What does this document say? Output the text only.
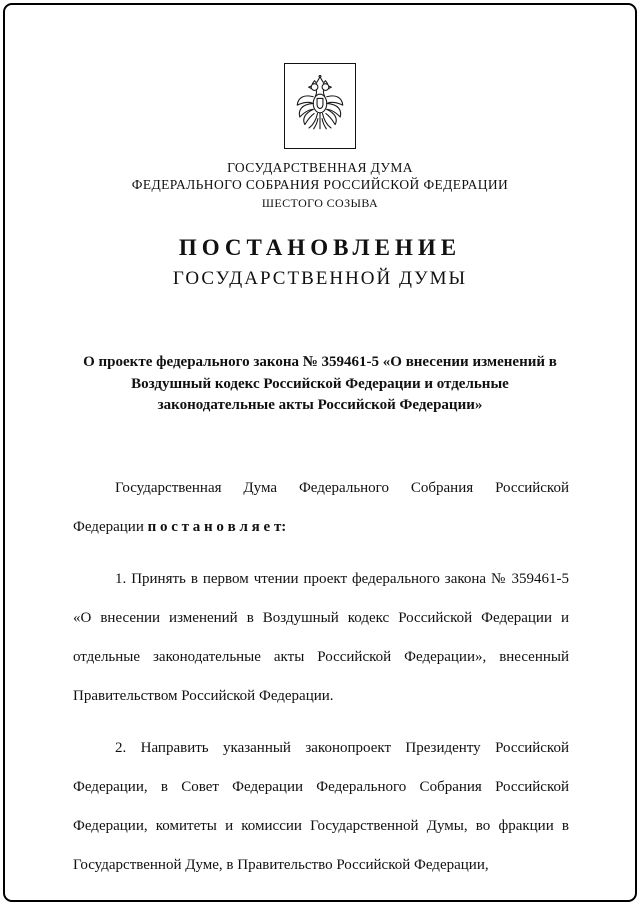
ГОСУДАРСТВЕННАЯ ДУМА
ФЕДЕРАЛЬНОГО СОБРАНИЯ РОССИЙСКОЙ ФЕДЕРАЦИИ
ШЕСТОГО СОЗЫВА
ПОСТАНОВЛЕНИЕ
ГОСУДАРСТВЕННОЙ ДУМЫ
О проекте федерального закона № 359461-5 «О внесении изменений в Воздушный кодекс Российской Федерации и отдельные законодательные акты Российской Федерации»

Государственная Дума Федерального Собрания Российской Федерации п о с т а н о в л я е т:

1. Принять в первом чтении проект федерального закона № 359461-5 «О внесении изменений в Воздушный кодекс Российской Федерации и отдельные законодательные акты Российской Федерации», внесенный Правительством Российской Федерации.

2. Направить указанный законопроект Президенту Российской Федерации, в Совет Федерации Федерального Собрания Российской Федерации, комитеты и комиссии Государственной Думы, во фракции в Государственной Думе, в Правительство Российской Федерации,
